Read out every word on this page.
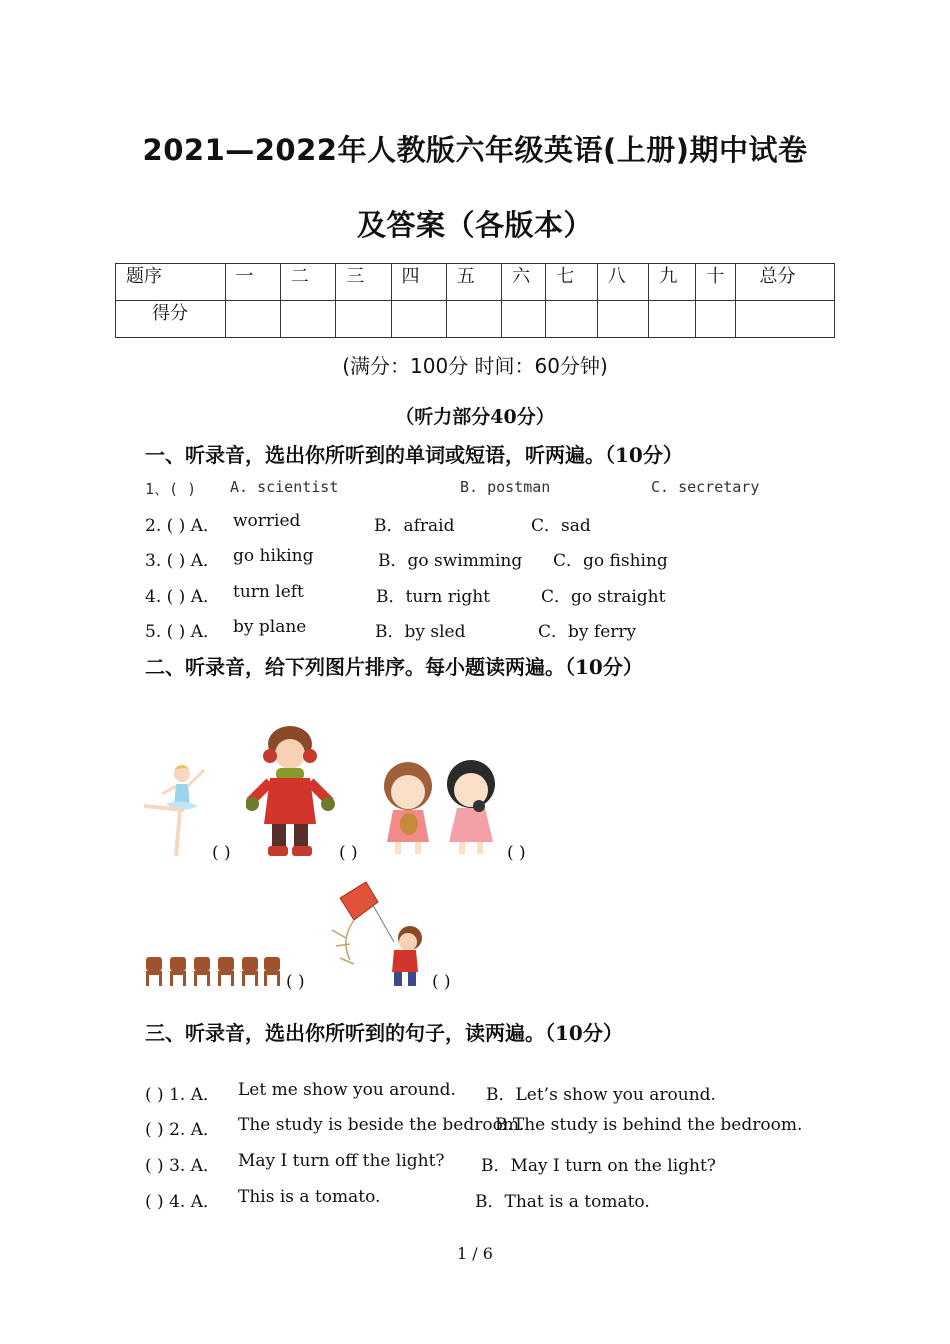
2021—2022年人教版六年级英语(上册)期中试卷
及答案（各版本）
题序	一	二	三	四	五	六	七	八	九	十	总分
得分											
(满分：100分 时间：60分钟)
（听力部分40分）
一、听录音，选出你所听到的单词或短语，听两遍。（10分）
1、( ) A. scientist	B. postman	C. secretary
2. ( ) A． worried	B．afraid	C．sad
3. ( ) A． go hiking	B．go swimming C．go fishing
4. ( ) A． turn left	B．turn right	C．go straight
5. ( ) A． by plane	B．by sled	C．by ferry
二、听录音，给下列图片排序。每小题读两遍。（10分）
( )	( )	( )
( )	( )
三、听录音，选出你所听到的句子，读两遍。（10分）
( ) 1. A． Let me show you around. B．Let’s show you around.
( ) 2. A． The study is beside the bedroom.
B.The study is behind the bedroom.
( ) 3. A． May I turn off the light? B．May I turn on the light?
( ) 4. A． This is a tomato.	B．That is a tomato.
1 / 6
